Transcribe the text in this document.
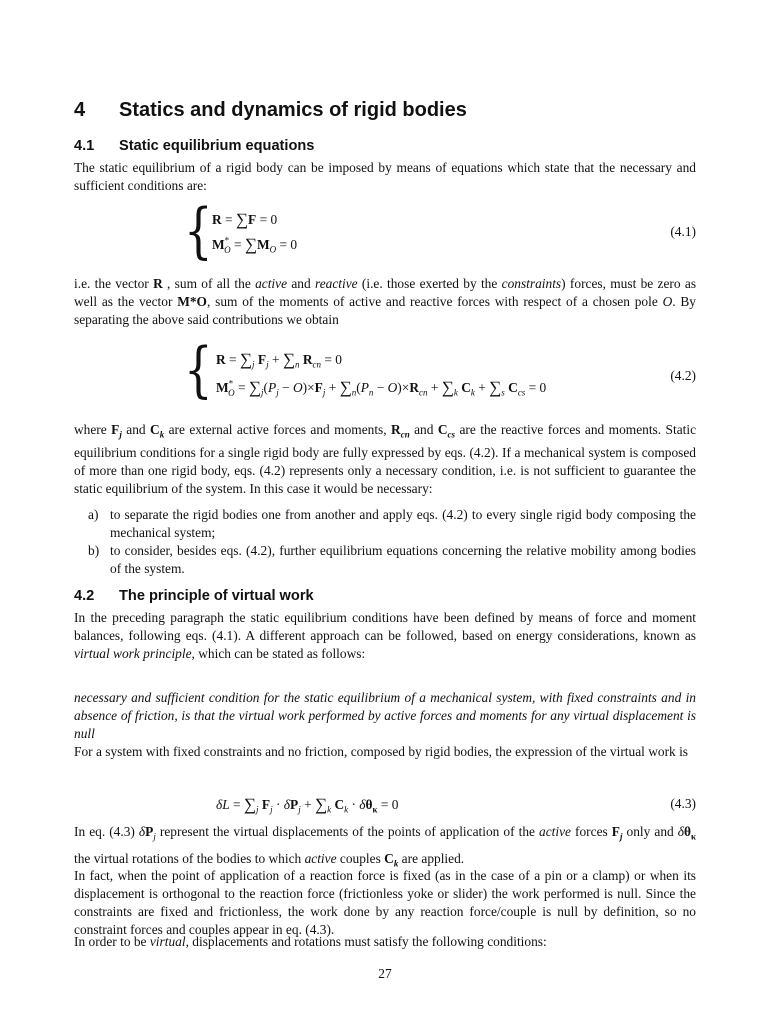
4 Statics and dynamics of rigid bodies
4.1 Static equilibrium equations

The static equilibrium of a rigid body can be imposed by means of equations which state that the necessary and sufficient conditions are:

{ R = ∑F = 0
$M^*_O = \sum M_O = 0$
(4.1)

i.e. the vector R , sum of all the active and reactive (i.e. those exerted by the constraints) forces, must be zero as well as the vector M*O, sum of the moments of active and reactive forces with respect of a chosen pole O. By separating the above said contributions we obtain

{ $R = \sum_j$ $F_j + \sum_n$ $R_{cn} = 0$
$M^*_O = \sum_j(P_j - O)\times F_j + \sum_n(P_n - O)\times R_{cn} + \sum_k$ $C_k + \sum_s$ $C_{cs} = 0$
(4.2)

where $F_j$ and $C_k$ are external active forces and moments, $R_{cn}$ and $C_{cs}$ are the reactive forces and moments. Static equilibrium conditions for a single rigid body are fully expressed by eqs. (4.2). If a mechanical system is composed of more than one rigid body, eqs. (4.2) represents only a necessary condition, i.e. is not sufficient to guarantee the static equilibrium of the system. In this case it would be necessary:

a) to separate the rigid bodies one from another and apply eqs. (4.2) to every single rigid body composing the mechanical system;
b) to consider, besides eqs. (4.2), further equilibrium equations concerning the relative mobility among bodies of the system.
4.2 The principle of virtual work

In the preceding paragraph the static equilibrium conditions have been defined by means of force and moment balances, following eqs. (4.1). A different approach can be followed, based on energy considerations, known as virtual work principle, which can be stated as follows:

necessary and sufficient condition for the static equilibrium of a mechanical system, with fixed constraints and in absence of friction, is that the virtual work performed by active forces and moments for any virtual displacement is null

For a system with fixed constraints and no friction, composed by rigid bodies, the expression of the virtual work is

$\delta L = \sum_j$ $F_j \cdot \delta P_j + \sum_k$ $C_k \cdot \delta\theta_\kappa = 0$	(4.3)

In eq. (4.3) $\delta P_j$ represent the virtual displacements of the points of application of the active forces $F_j$ only and $\delta\theta_\kappa$ the virtual rotations of the bodies to which active couples $C_k$ are applied.

In fact, when the point of application of a reaction force is fixed (as in the case of a pin or a clamp) or when its displacement is orthogonal to the reaction force (frictionless yoke or slider) the work performed is null. Since the constraints are fixed and frictionless, the work done by any reaction force/couple is null by definition, so no constraint forces and couples appear in eq. (4.3).

In order to be virtual, displacements and rotations must satisfy the following conditions:

27
